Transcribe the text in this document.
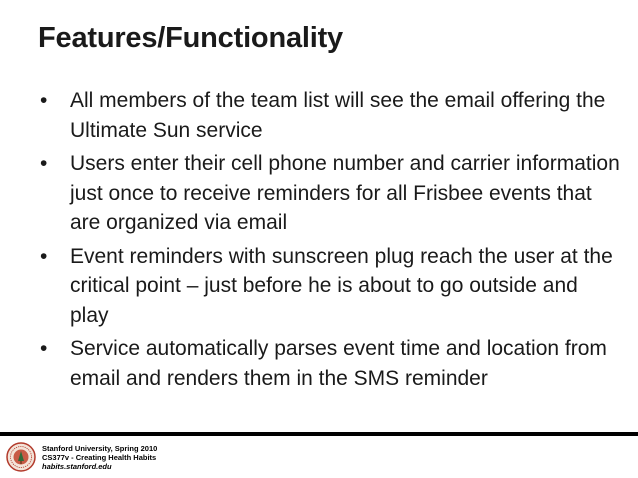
Features/Functionality
•	All members of the team list will see the email offering the Ultimate Sun service
•	Users enter their cell phone number and carrier information just once to receive reminders for all Frisbee events that are organized via email
•	Event reminders with sunscreen plug reach the user at the critical point – just before he is about to go outside and play
•	Service automatically parses event time and location from email and renders them in the SMS reminder
Stanford University, Spring 2010
CS377v - Creating Health Habits
habits.stanford.edu
